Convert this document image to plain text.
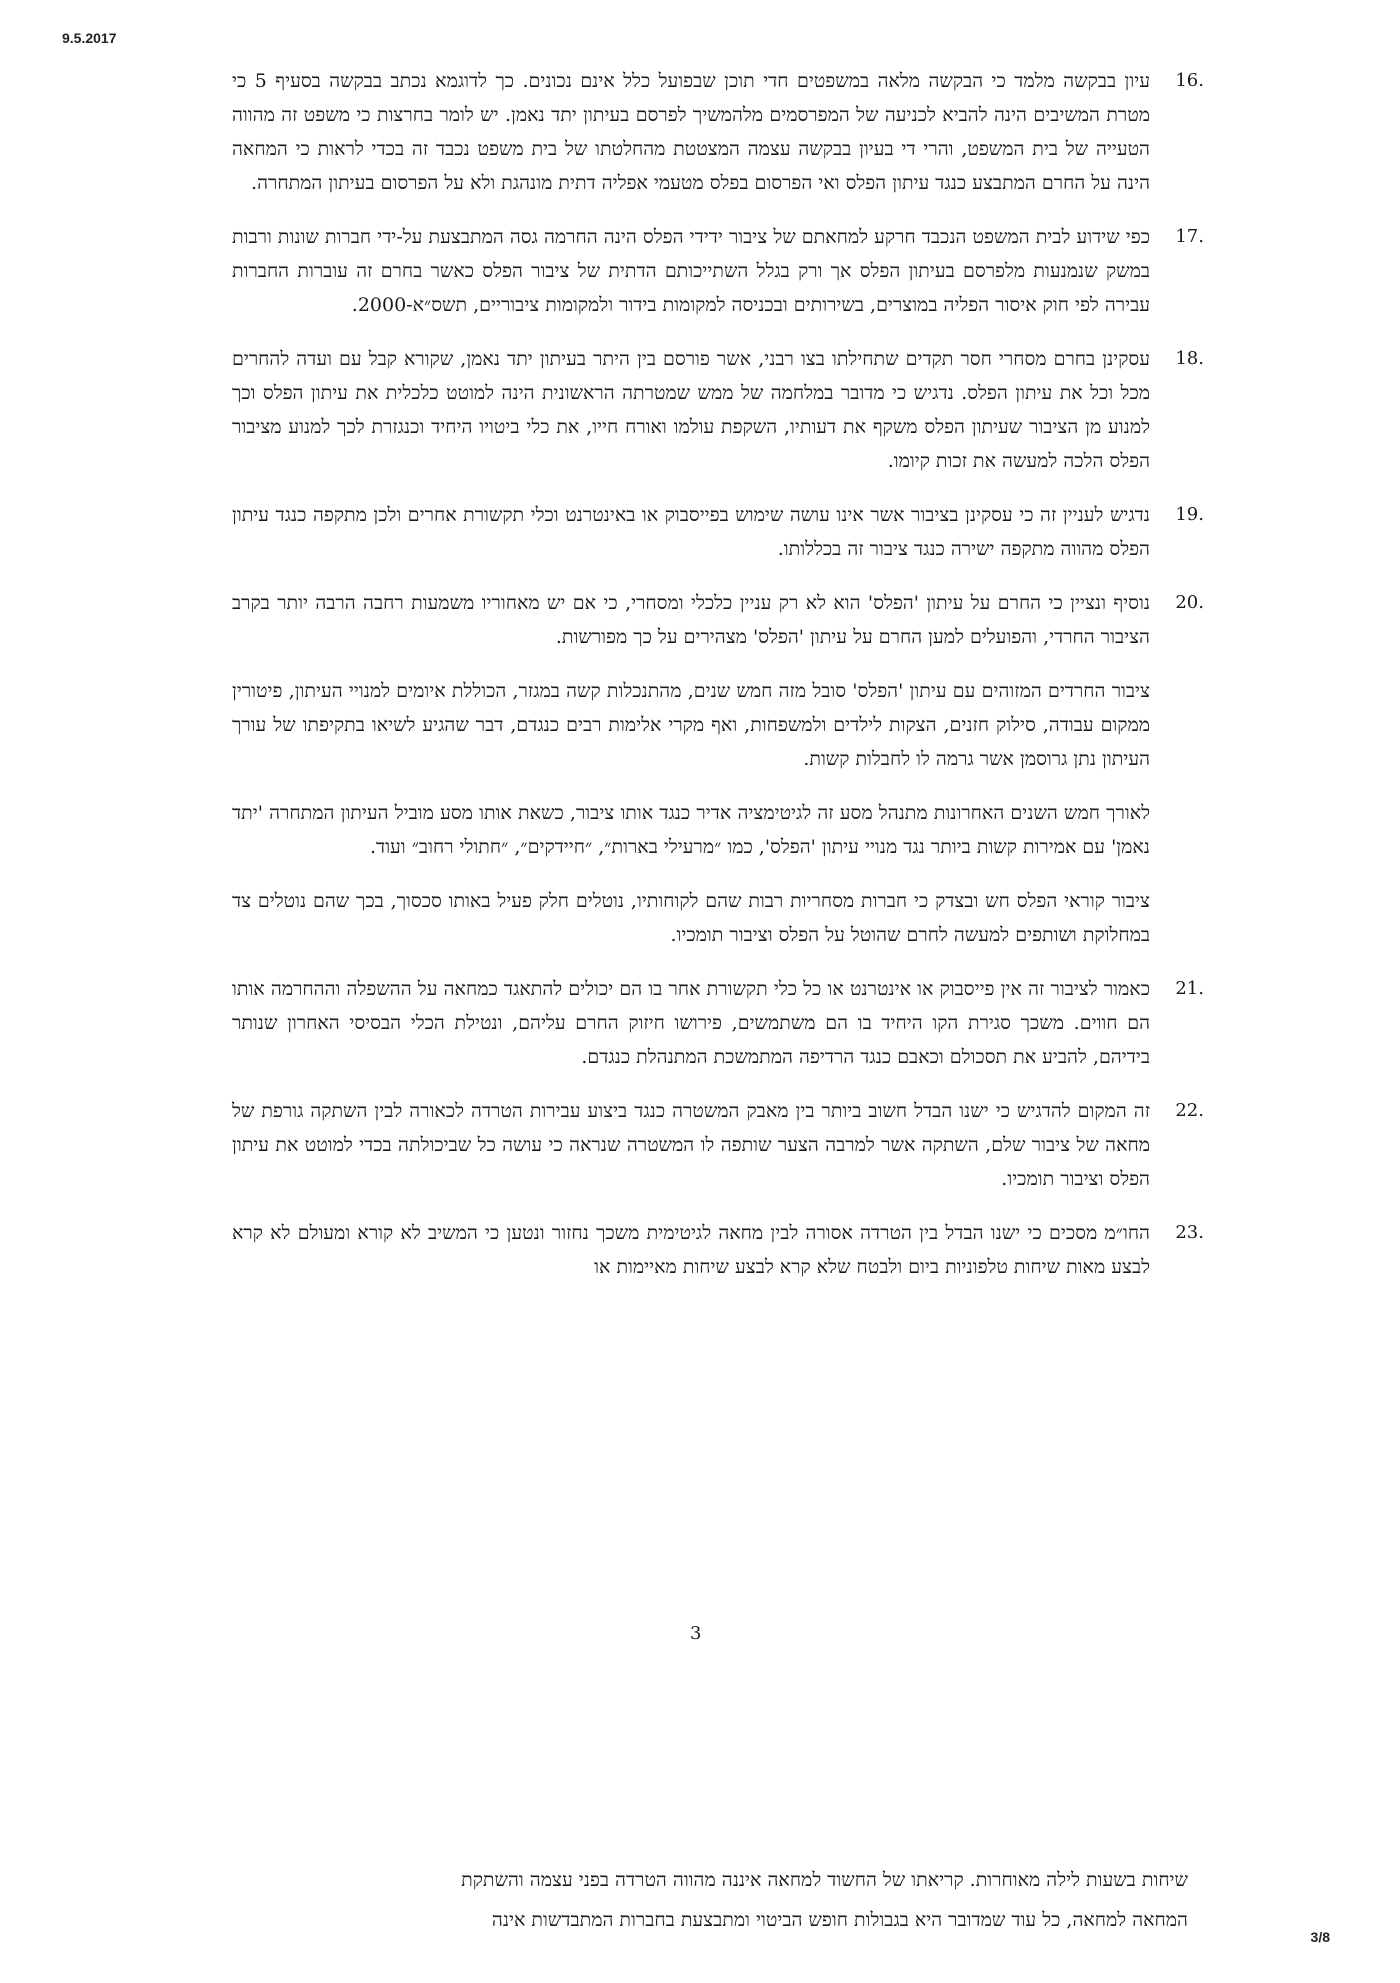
9.5.2017
16.
עיון בבקשה מלמד כי הבקשה מלאה במשפטים חדי תוכן שבפועל כלל אינם נכונים. כך לדוגמא נכתב בבקשה בסעיף 5 כי מטרת המשיבים הינה להביא לכניעה של המפרסמים מלהמשיך לפרסם בעיתון יתד נאמן. יש לומר בחרצות כי משפט זה מהווה הטעייה של בית המשפט, והרי די בעיון בבקשה עצמה המצטטת מהחלטתו של בית משפט נכבד זה בכדי לראות כי המחאה הינה על החרם המתבצע כנגד עיתון הפלס ואי הפרסום בפלס מטעמי אפליה דתית מונהגת ולא על הפרסום בעיתון המתחרה.
17.
כפי שידוע לבית המשפט הנכבד חרקע למחאתם של ציבור ידידי הפלס הינה החרמה גסה המתבצעת על-ידי חברות שונות ורבות במשק שנמנעות מלפרסם בעיתון הפלס אך ורק בגלל השתייכותם הדתית של ציבור הפלס כאשר בחרם זה עוברות החברות עבירה לפי חוק איסור הפליה במוצרים, בשירותים ובכניסה למקומות בידור ולמקומות ציבוריים, תשס״א-2000.
18.
עסקינן בחרם מסחרי חסר תקדים שתחילתו בצו רבני, אשר פורסם בין היתר בעיתון יתד נאמן, שקורא קבל עם ועדה להחרים מכל וכל את עיתון הפלס. נדגיש כי מדובר במלחמה של ממש שמטרתה הראשונית הינה למוטט כלכלית את עיתון הפלס וכך למנוע מן הציבור שעיתון הפלס משקף את דעותיו, השקפת עולמו ואורח חייו, את כלי ביטויו היחיד וכנגזרת לכך למנוע מציבור הפלס הלכה למעשה את זכות קיומו.
19.
נדגיש לעניין זה כי עסקינן בציבור אשר אינו עושה שימוש בפייסבוק או באינטרנט וכלי תקשורת אחרים ולכן מתקפה כנגד עיתון הפלס מהווה מתקפה ישירה כנגד ציבור זה בכללותו.
20.
נוסיף ונציין כי החרם על עיתון 'הפלס' הוא לא רק עניין כלכלי ומסחרי, כי אם יש מאחוריו משמעות רחבה הרבה יותר בקרב הציבור החרדי, והפועלים למען החרם על עיתון 'הפלס' מצהירים על כך מפורשות.
ציבור החרדים המזוהים עם עיתון 'הפלס' סובל מזה חמש שנים, מהתנכלות קשה במגזר, הכוללת איומים למנויי העיתון, פיטורין ממקום עבודה, סילוק חזנים, הצקות לילדים ולמשפחות, ואף מקרי אלימות רבים כנגדם, דבר שהגיע לשיאו בתקיפתו של עורך העיתון נתן גרוסמן אשר גרמה לו לחבלות קשות.
לאורך חמש השנים האחרונות מתנהל מסע זה לגיטימציה אדיר כנגד אותו ציבור, כשאת אותו מסע מוביל העיתון המתחרה 'יתד נאמן' עם אמירות קשות ביותר נגד מנויי עיתון 'הפלס', כמו ״מרעילי בארות״, ״חיידקים״, ״חתולי רחוב״ ועוד.
ציבור קוראי הפלס חש ובצדק כי חברות מסחריות רבות שהם לקוחותיו, נוטלים חלק פעיל באותו סכסוך, בכך שהם נוטלים צד במחלוקת ושותפים למעשה לחרם שהוטל על הפלס וציבור תומכיו.
21.
כאמור לציבור זה אין פייסבוק או אינטרנט או כל כלי תקשורת אחר בו הם יכולים להתאגד כמחאה על ההשפלה וההחרמה אותו הם חווים. משכך סגירת הקו היחיד בו הם משתמשים, פירושו חיזוק החרם עליהם, ונטילת הכלי הבסיסי האחרון שנותר בידיהם, להביע את תסכולם וכאבם כנגד הרדיפה המתמשכת המתנהלת כנגדם.
22.
זה המקום להדגיש כי ישנו הבדל חשוב ביותר בין מאבק המשטרה כנגד ביצוע עבירות הטרדה לכאורה לבין השתקה גורפת של מחאה של ציבור שלם, השתקה אשר למרבה הצער שותפה לו המשטרה שנראה כי עושה כל שביכולתה בכדי למוטט את עיתון הפלס וציבור תומכיו.
23.
החו״מ מסכים כי ישנו הבדל בין הטרדה אסורה לבין מחאה לגיטימית משכך נחזור ונטען כי המשיב לא קורא ומעולם לא קרא לבצע מאות שיחות טלפוניות ביום ולבטח שלא קרא לבצע שיחות מאיימות או
3
שיחות בשעות לילה מאוחרות. קריאתו של החשוד למחאה איננה מהווה הטרדה בפני עצמה והשתקת
המחאה למחאה, כל עוד שמדובר היא בגבולות חופש הביטוי ומתבצעת בחברות המתבדשות אינה
3/8
